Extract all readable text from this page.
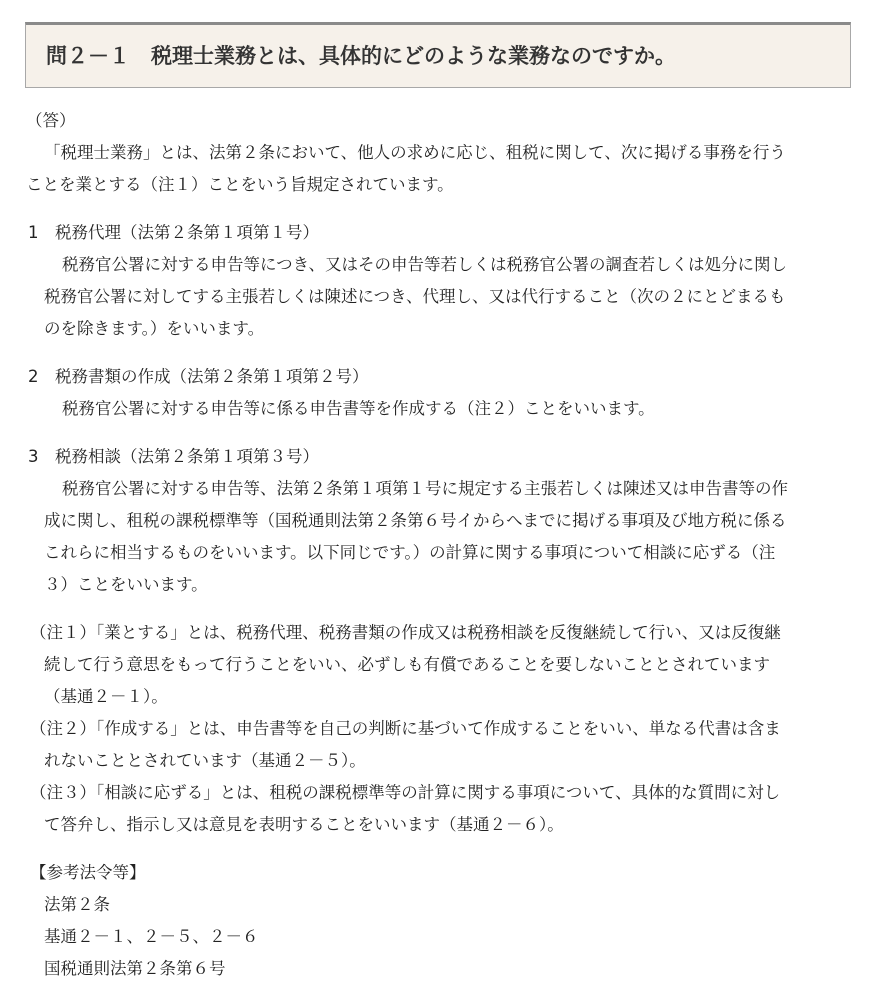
問２－１　税理士業務とは、具体的にどのような業務なのですか。

（答）

「税理士業務」とは、法第２条において、他人の求めに応じ、租税に関して、次に掲げる事務を行う

ことを業とする（注１）ことをいう旨規定されています。

1　税務代理（法第２条第１項第１号）

税務官公署に対する申告等につき、又はその申告等若しくは税務官公署の調査若しくは処分に関し

税務官公署に対してする主張若しくは陳述につき、代理し、又は代行すること（次の２にとどまるも

のを除きます。）をいいます。

2　税務書類の作成（法第２条第１項第２号）

税務官公署に対する申告等に係る申告書等を作成する（注２）ことをいいます。

3　税務相談（法第２条第１項第３号）

税務官公署に対する申告等、法第２条第１項第１号に規定する主張若しくは陳述又は申告書等の作

成に関し、租税の課税標準等（国税通則法第２条第６号イからへまでに掲げる事項及び地方税に係る

これらに相当するものをいいます。以下同じです。）の計算に関する事項について相談に応ずる（注

３）ことをいいます。

（注１）「業とする」とは、税務代理、税務書類の作成又は税務相談を反復継続して行い、又は反復継

続して行う意思をもって行うことをいい、必ずしも有償であることを要しないこととされています

（基通２－１）。

（注２）「作成する」とは、申告書等を自己の判断に基づいて作成することをいい、単なる代書は含ま

れないこととされています（基通２－５）。

（注３）「相談に応ずる」とは、租税の課税標準等の計算に関する事項について、具体的な質問に対し

て答弁し、指示し又は意見を表明することをいいます（基通２－６）。

【参考法令等】

法第２条

基通２－１、２－５、２－６

国税通則法第２条第６号
